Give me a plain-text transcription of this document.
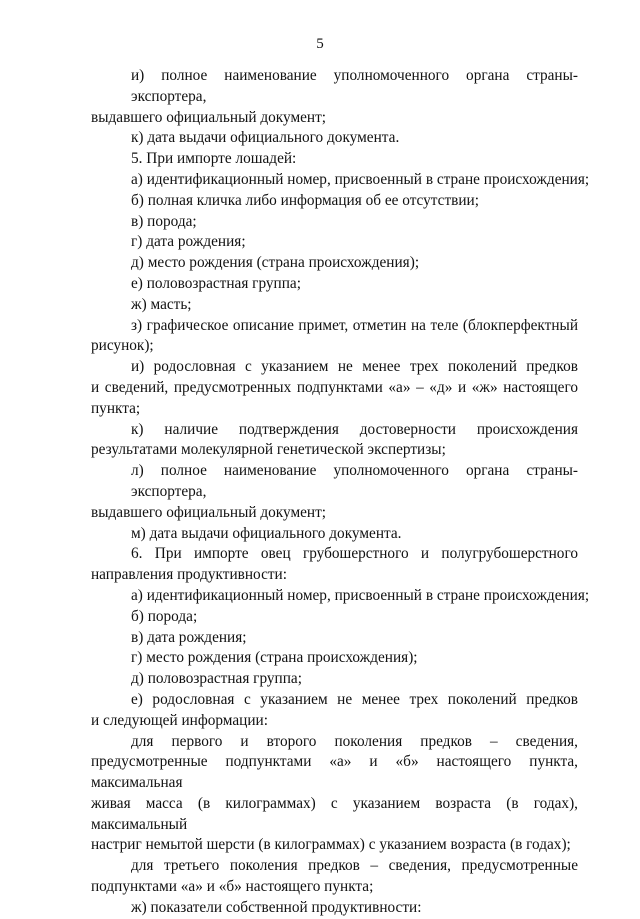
5
и) полное наименование уполномоченного органа страны-экспортера,
выдавшего официальный документ;
к) дата выдачи официального документа.
5. При импорте лошадей:
а) идентификационный номер, присвоенный в стране происхождения;
б) полная кличка либо информация об ее отсутствии;
в) порода;
г) дата рождения;
д) место рождения (страна происхождения);
е) половозрастная группа;
ж) масть;
з) графическое описание примет, отметин на теле (блокперфектный
рисунок);
и) родословная с указанием не менее трех поколений предков
и сведений, предусмотренных подпунктами «а» – «д» и «ж» настоящего
пункта;
к) наличие подтверждения достоверности происхождения
результатами молекулярной генетической экспертизы;
л) полное наименование уполномоченного органа страны-экспортера,
выдавшего официальный документ;
м) дата выдачи официального документа.
6. При импорте овец грубошерстного и полугрубошерстного
направления продуктивности:
а) идентификационный номер, присвоенный в стране происхождения;
б) порода;
в) дата рождения;
г) место рождения (страна происхождения);
д) половозрастная группа;
е) родословная с указанием не менее трех поколений предков
и следующей информации:
для первого и второго поколения предков – сведения,
предусмотренные подпунктами «а» и «б» настоящего пункта, максимальная
живая масса (в килограммах) с указанием возраста (в годах), максимальный
настриг немытой шерсти (в килограммах) с указанием возраста (в годах);
для третьего поколения предков – сведения, предусмотренные
подпунктами «а» и «б» настоящего пункта;
ж) показатели собственной продуктивности:
